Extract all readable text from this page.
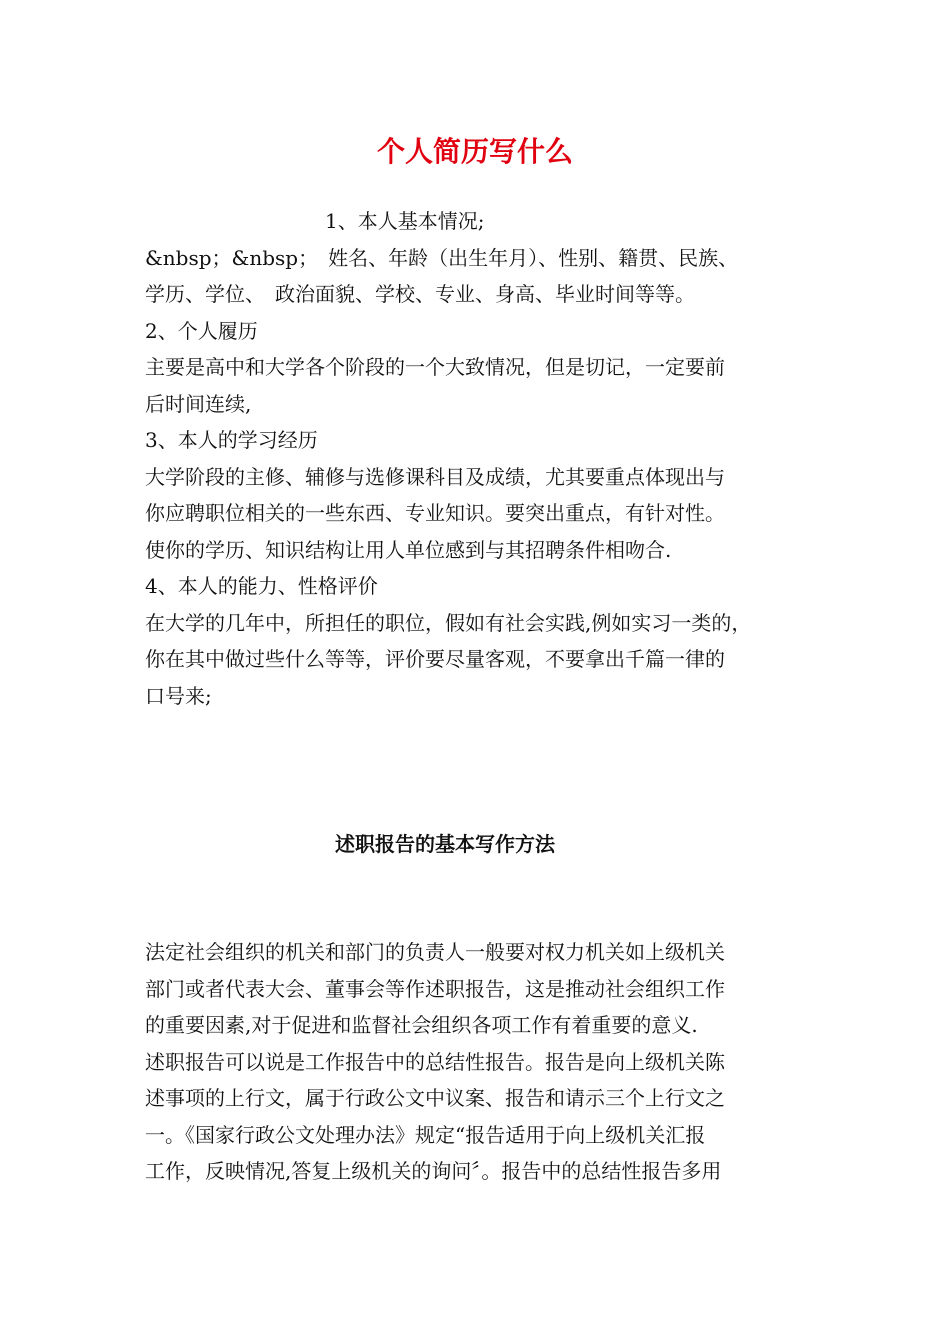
个人简历写什么
1、本人基本情况;
&nbsp；&nbsp；　姓名、年龄（出生年月）、性别、籍贯、民族、
学历、学位、　政治面貌、学校、专业、身高、毕业时间等等。
2、个人履历
主要是高中和大学各个阶段的一个大致情况，但是切记，一定要前
后时间连续,
3、本人的学习经历
大学阶段的主修、辅修与选修课科目及成绩，尤其要重点体现出与
你应聘职位相关的一些东西、专业知识。要突出重点，有针对性。
使你的学历、知识结构让用人单位感到与其招聘条件相吻合.
4、本人的能力、性格评价
在大学的几年中，所担任的职位，假如有社会实践,例如实习一类的，
你在其中做过些什么等等，评价要尽量客观，不要拿出千篇一律的
口号来;
述职报告的基本写作方法
法定社会组织的机关和部门的负责人一般要对权力机关如上级机关
部门或者代表大会、董事会等作述职报告，这是推动社会组织工作
的重要因素,对于促进和监督社会组织各项工作有着重要的意义.
述职报告可以说是工作报告中的总结性报告。报告是向上级机关陈
述事项的上行文，属于行政公文中议案、报告和请示三个上行文之
一。《国家行政公文处理办法》规定“报告适用于向上级机关汇报
工作，反映情况,答复上级机关的询问〞。报告中的总结性报告多用
